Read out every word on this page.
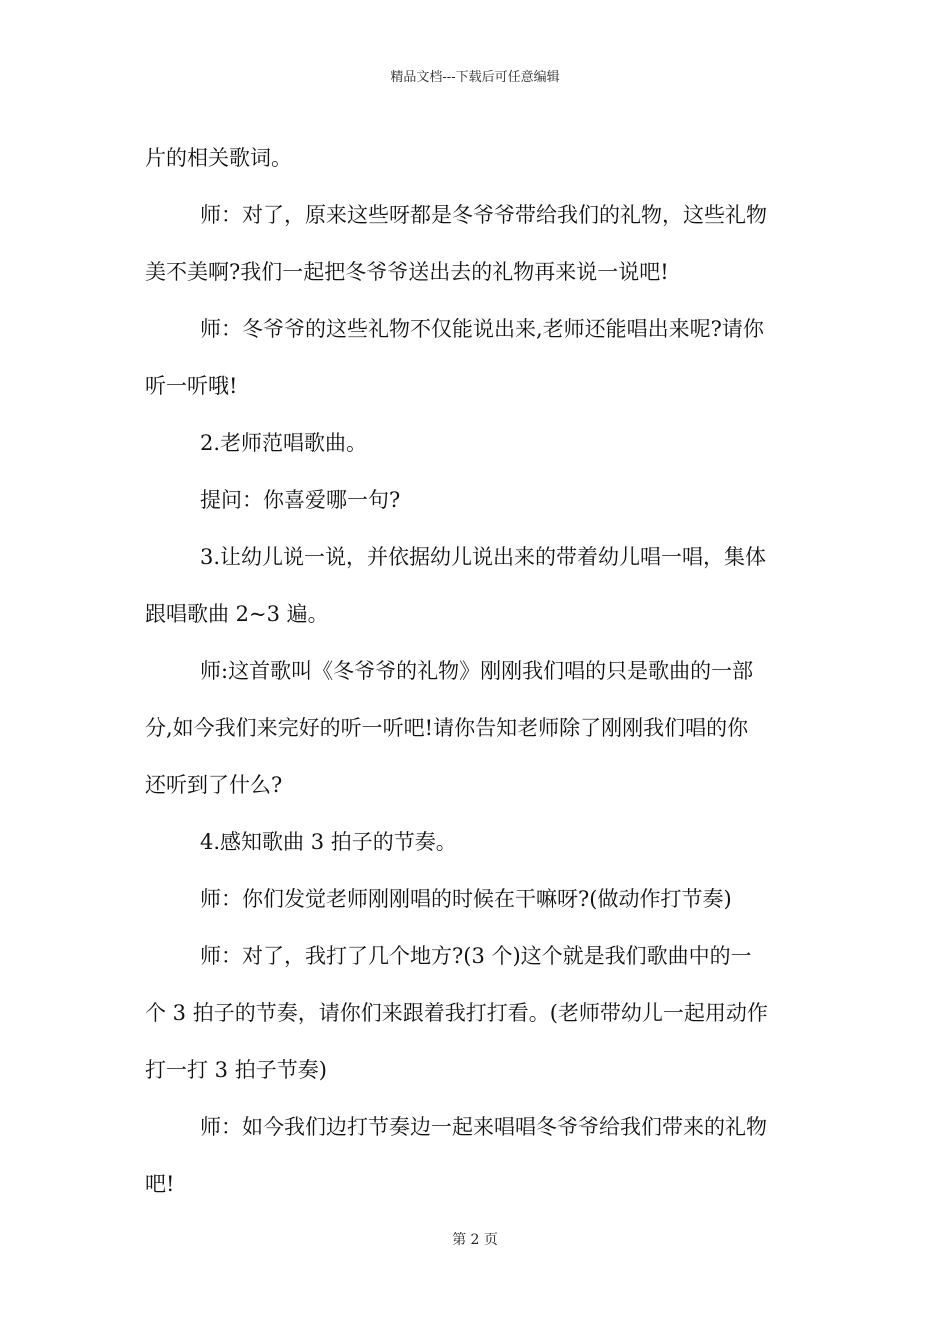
精品文档---下载后可任意编辑
片的相关歌词。
师：对了，原来这些呀都是冬爷爷带给我们的礼物，这些礼物
美不美啊?我们一起把冬爷爷送出去的礼物再来说一说吧!
师：冬爷爷的这些礼物不仅能说出来,老师还能唱出来呢?请你
听一听哦!
2.老师范唱歌曲。
提问：你喜爱哪一句?
3.让幼儿说一说，并依据幼儿说出来的带着幼儿唱一唱，集体
跟唱歌曲 2~3 遍。
师:这首歌叫《冬爷爷的礼物》刚刚我们唱的只是歌曲的一部
分,如今我们来完好的听一听吧!请你告知老师除了刚刚我们唱的你
还听到了什么?
4.感知歌曲 3 拍子的节奏。
师：你们发觉老师刚刚唱的时候在干嘛呀?(做动作打节奏)
师：对了，我打了几个地方?(3 个)这个就是我们歌曲中的一
个 3 拍子的节奏，请你们来跟着我打打看。(老师带幼儿一起用动作
打一打 3 拍子节奏)
师：如今我们边打节奏边一起来唱唱冬爷爷给我们带来的礼物
吧!
第 2 页
